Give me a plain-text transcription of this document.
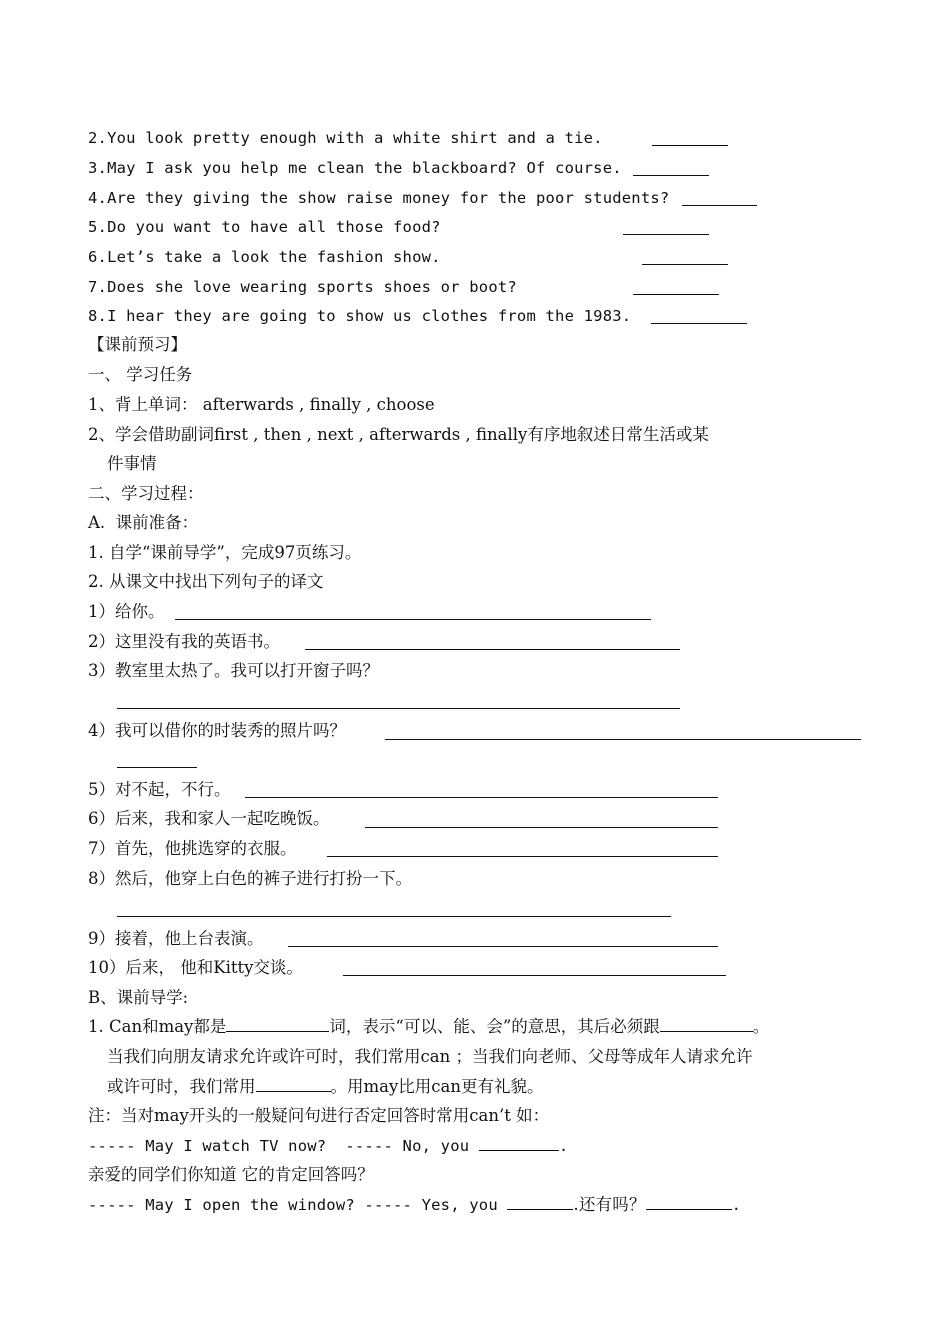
2.You look pretty enough with a white shirt and a tie.
3.May I ask you help me clean the blackboard? Of course.
4.Are they giving the show raise money for the poor students?
5.Do you want to have all those food?
6.Let’s take a look the fashion show.
7.Does she love wearing sports shoes or boot?
8.I hear they are going to show us clothes from the 1983.
【课前预习】
一、 学习任务
1、背上单词： afterwards , finally , choose
2、学会借助副词first , then , next , afterwards , finally有序地叙述日常生活或某
件事情
二、学习过程：
A.  课前准备：
1. 自学“课前导学”，完成97页练习。
2. 从课文中找出下列句子的译文
1）给你。
2）这里没有我的英语书。
3）教室里太热了。我可以打开窗子吗？
4）我可以借你的时装秀的照片吗？
5）对不起，不行。
6）后来，我和家人一起吃晚饭。
7）首先，他挑选穿的衣服。
8）然后，他穿上白色的裤子进行打扮一下。
9）接着，他上台表演。
10）后来， 他和Kitty交谈。
B、课前导学:
1. Can和may都是	词，表示“可以、能、会”的意思，其后必须跟	。
当我们向朋友请求允许或许可时，我们常用can ；当我们向老师、父母等成年人请求允许
或许可时，我们常用	。用may比用can更有礼貌。
注：当对may开头的一般疑问句进行否定回答时常用can’t 如：
----- May I watch TV now?  ----- No, you	.
亲爱的同学们你知道 它的肯定回答吗？
----- May I open the window? ----- Yes, you	.还有吗？	.
